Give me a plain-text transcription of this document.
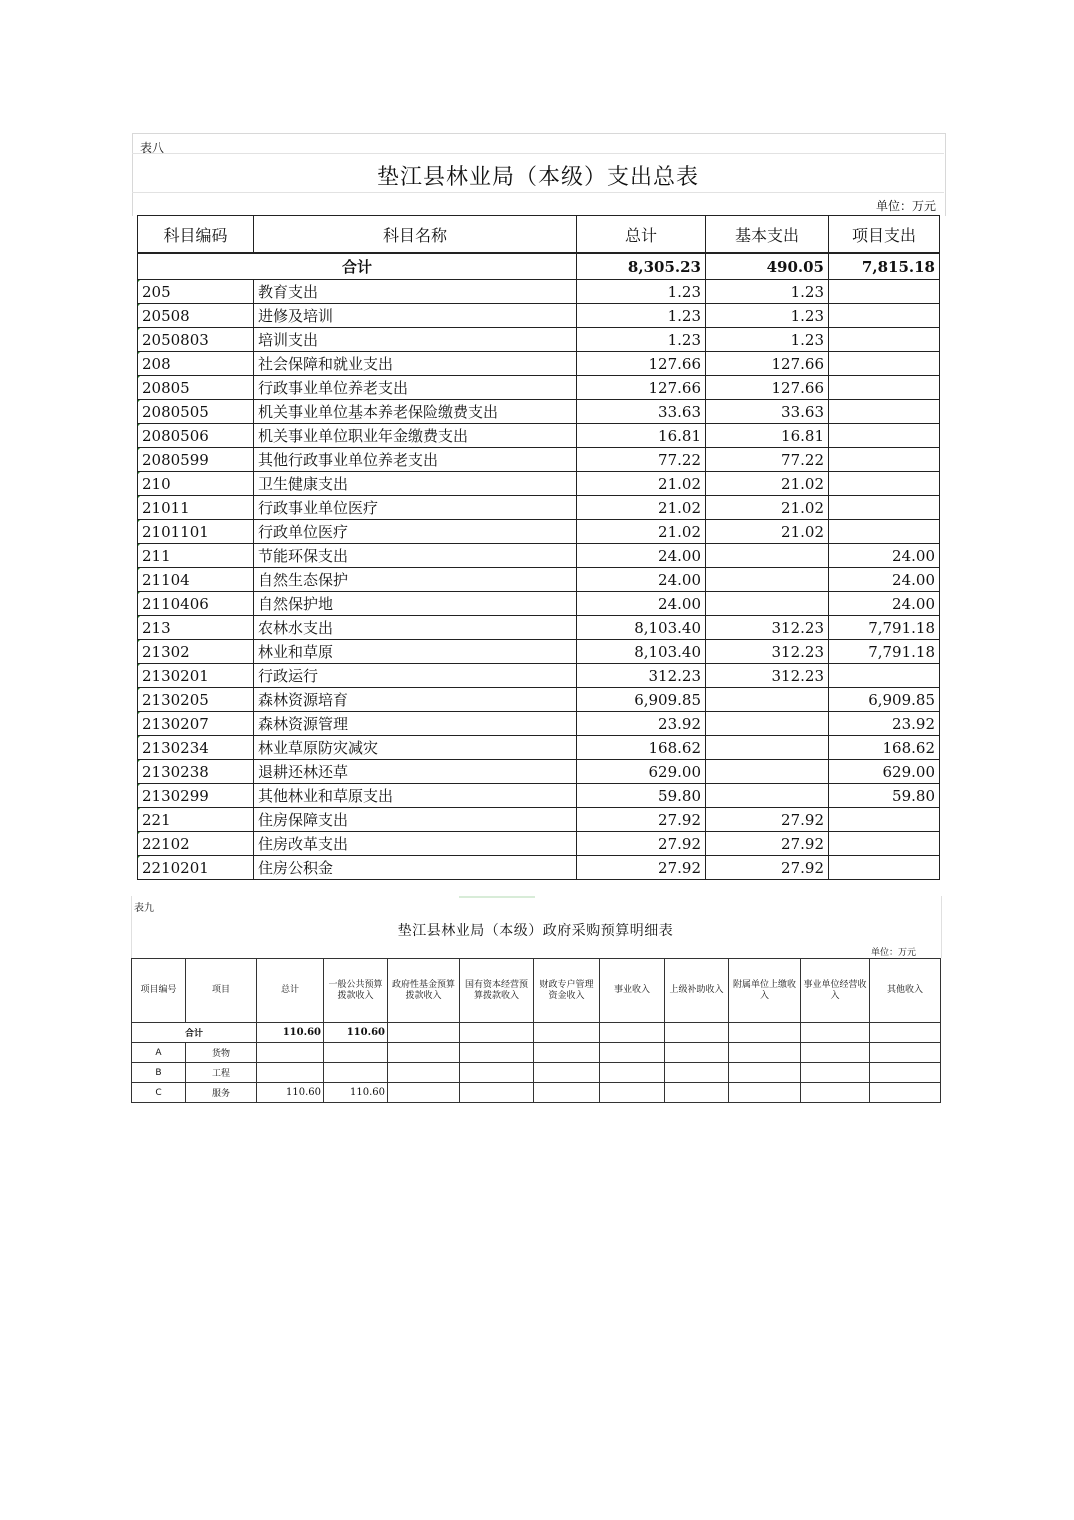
表八
垫江县林业局（本级）支出总表
单位：万元
科目编码	科目名称	总计	基本支出	项目支出
合计		8,305.23	490.05	7,815.18

205	教育支出	1.23	1.23	

20508	进修及培训	1.23	1.23	

2050803	培训支出	1.23	1.23	

208	社会保障和就业支出	127.66	127.66	

20805	行政事业单位养老支出	127.66	127.66	

2080505	机关事业单位基本养老保险缴费支出	33.63	33.63	

2080506	机关事业单位职业年金缴费支出	16.81	16.81	

2080599	其他行政事业单位养老支出	77.22	77.22	

210	卫生健康支出	21.02	21.02	

21011	行政事业单位医疗	21.02	21.02	

2101101	行政单位医疗	21.02	21.02	

211	节能环保支出	24.00		24.00

21104	自然生态保护	24.00		24.00

2110406	自然保护地	24.00		24.00

213	农林水支出	8,103.40	312.23	7,791.18

21302	林业和草原	8,103.40	312.23	7,791.18

2130201	行政运行	312.23	312.23	

2130205	森林资源培育	6,909.85		6,909.85

2130207	森林资源管理	23.92		23.92

2130234	林业草原防灾减灾	168.62		168.62

2130238	退耕还林还草	629.00		629.00

2130299	其他林业和草原支出	59.80		59.80

221	住房保障支出	27.92	27.92	

22102	住房改革支出	27.92	27.92	

2210201	住房公积金	27.92	27.92	
表九
垫江县林业局（本级）政府采购预算明细表
单位：万元
项目编号	项目	总计	一般公共预算拨款收入	政府性基金预算拨款收入	国有资本经营预算拨款收入	财政专户管理资金收入	事业收入	上级补助收入	附属单位上缴收入	事业单位经营收入	其他收入
合计		110.60	110.60								
A	货物										
B	工程										
C	服务	110.60	110.60								
